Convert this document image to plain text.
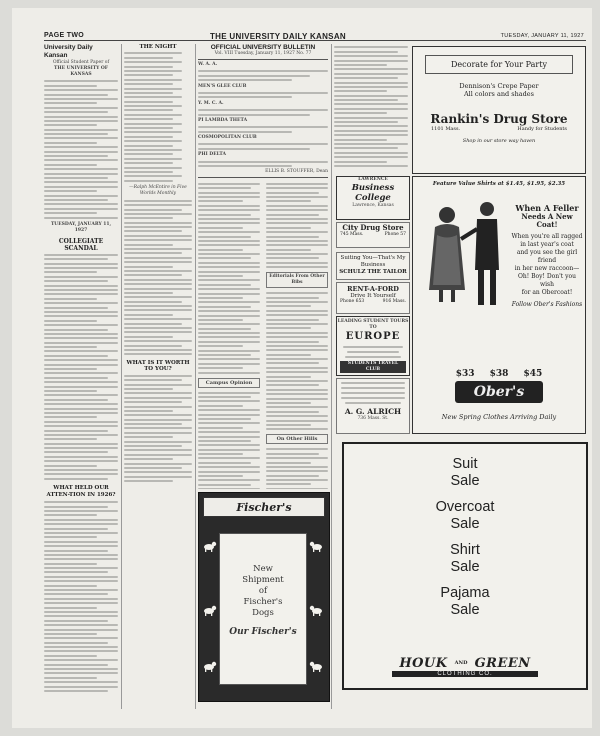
PAGE TWO	THE UNIVERSITY DAILY KANSAN	TUESDAY, JANUARY 11, 1927
University Daily Kansan
Official Student Paper of
THE UNIVERSITY OF KANSAS
TUESDAY, JANUARY 11, 1927
COLLEGIATE SCANDAL
WHAT HELD OUR ATTEN-TION IN 1926?
THE NIGHT
—Ralph McEntire in Five Worlds Monthly
WHAT IS IT WORTH TO YOU?
OFFICIAL UNIVERSITY BULLETIN
Vol. VIII Tuesday, January 11, 1927 No. 77
W. A. A.
MEN'S GLEE CLUB
Y. M. C. A.
PI LAMBDA THETA
COSMOPOLITAN CLUB
PHI DELTA
ELLIS B. STOUFFER, Dean
Campus Opinion
Editorials From Other Bibs
On Other Hills
Fischer's
New
Shipment
of
Fischer's
Dogs
Our Fischer's
Decorate for Your Party
Dennison's Crepe Paper
All colors and shades
Rankin's Drug Store
1101 Mass.	Handy for Students
Shop in our store way haven
LAWRENCE
Business College
Lawrence, Kansas
City Drug Store
745 Mass.	Phone 57
Suiting You—That's My Business
SCHULZ THE TAILOR
RENT-A-FORD
Drive It Yourself
Phone 653	916 Mass.
LEADING STUDENT TOURS TO
EUROPE
STUDENTS TRAVEL CLUB
A. G. ALRICH
736 Mass. St.
Feature Value Shirts at $1.45, $1.95, $2.35
When A Feller
Needs A New Coat!
When you're all ragged
in last year's coat
and you see the girl friend
in her new raccoon—
Oh! Boy! Don't you wish
for an Obercoat!
Follow Ober's Fashions
$33 $38 $45
Ober's
New Spring Clothes Arriving Daily
Suit
Sale
Overcoat
Sale
Shirt
Sale
Pajama
Sale
HOUK AND GREEN
CLOTHING CO.
